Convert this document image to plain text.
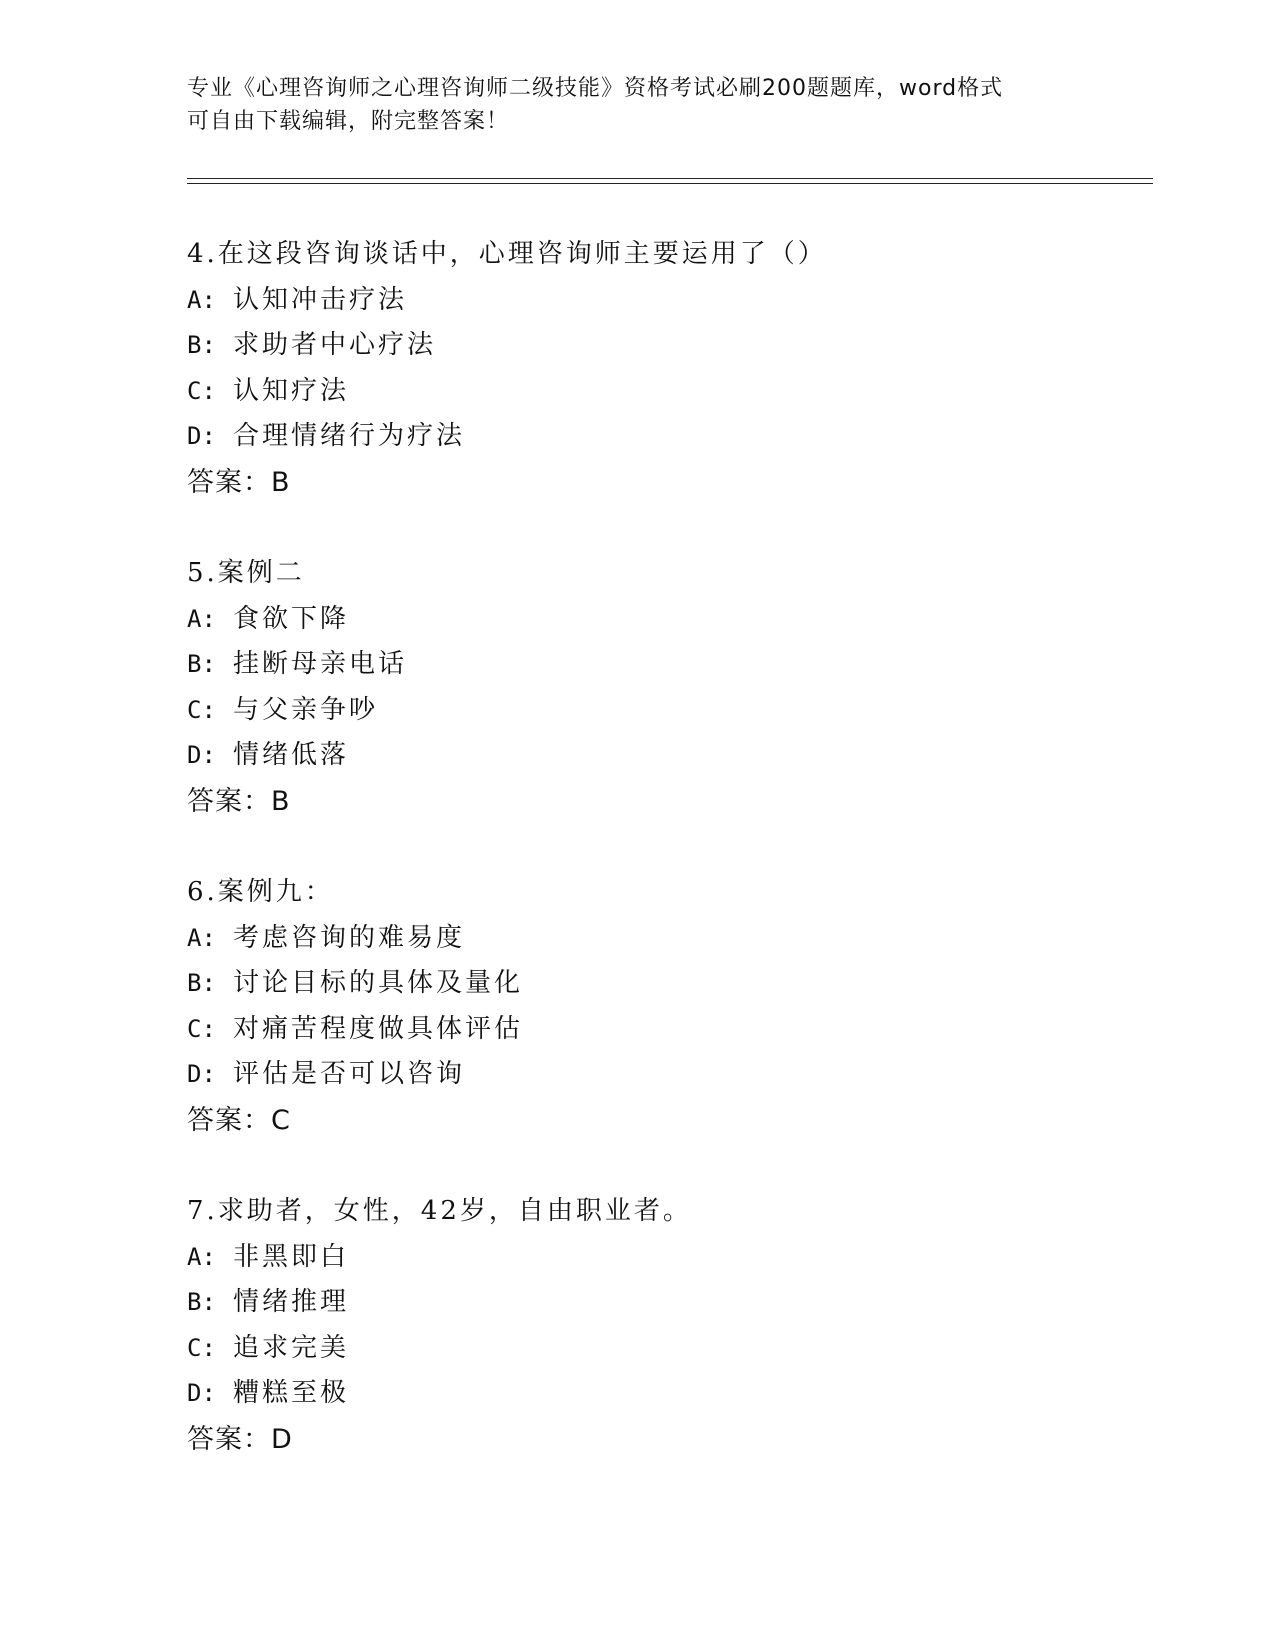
专业《心理咨询师之心理咨询师二级技能》资格考试必刷200题题库，word格式
可自由下载编辑，附完整答案！
4.在这段咨询谈话中，心理咨询师主要运用了（）
A: 认知冲击疗法
B: 求助者中心疗法
C: 认知疗法
D: 合理情绪行为疗法
答案：B
5.案例二
A: 食欲下降
B: 挂断母亲电话
C: 与父亲争吵
D: 情绪低落
答案：B
6.案例九：
A: 考虑咨询的难易度
B: 讨论目标的具体及量化
C: 对痛苦程度做具体评估
D: 评估是否可以咨询
答案：C
7.求助者，女性，42岁，自由职业者。
A: 非黑即白
B: 情绪推理
C: 追求完美
D: 糟糕至极
答案：D
